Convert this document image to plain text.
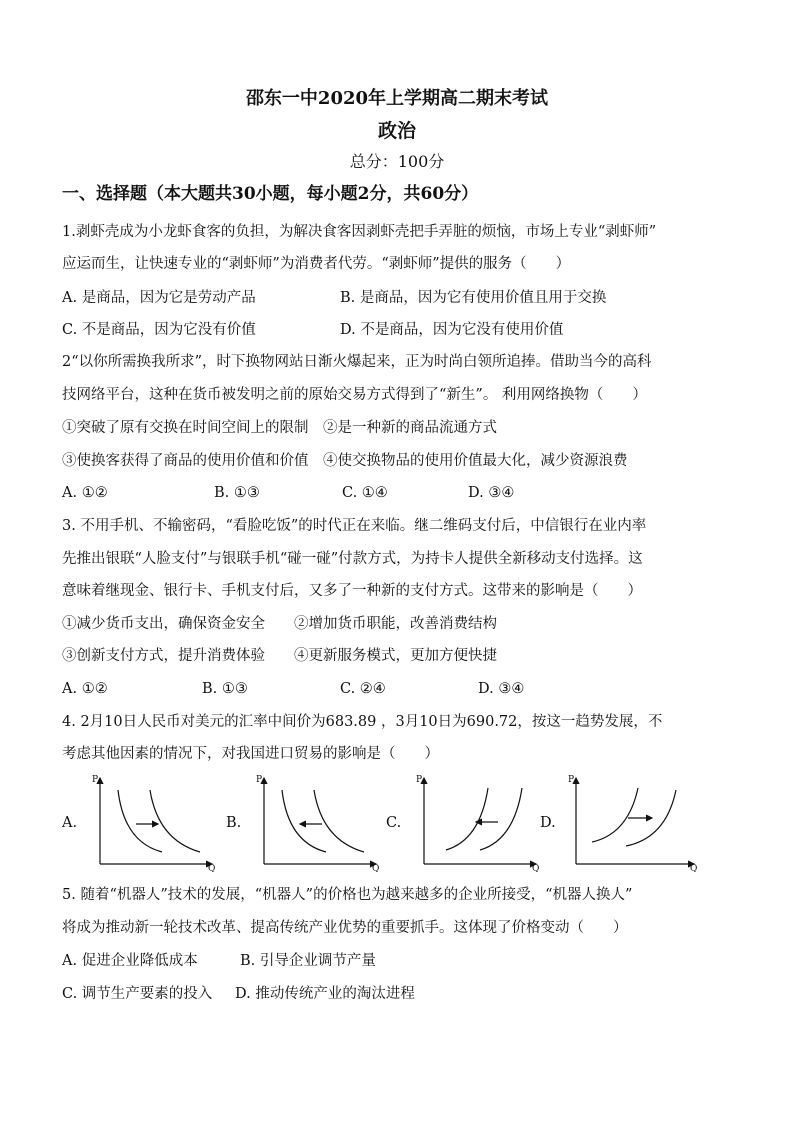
邵东一中2020年上学期高二期末考试
政治
总分：100分
一、选择题（本大题共30小题，每小题2分，共60分）
1.剥虾壳成为小龙虾食客的负担，为解决食客因剥虾壳把手弄脏的烦恼，市场上专业“剥虾师”
应运而生，让快速专业的“剥虾师”为消费者代劳。“剥虾师”提供的服务（　　）
A. 是商品，因为它是劳动产品	B. 是商品，因为它有使用价值且用于交换
C. 不是商品，因为它没有价值	D. 不是商品，因为它没有使用价值
2“以你所需换我所求”，时下换物网站日渐火爆起来，正为时尚白领所追捧。借助当今的高科
技网络平台，这种在货币被发明之前的原始交易方式得到了“新生”。 利用网络换物（　　）
①突破了原有交换在时间空间上的限制　②是一种新的商品流通方式
③使换客获得了商品的使用价值和价值　④使交换物品的使用价值最大化，减少资源浪费
A. ①②	B. ①③	C. ①④	D. ③④
3. 不用手机、不输密码，“看脸吃饭”的时代正在来临。继二维码支付后，中信银行在业内率
先推出银联“人脸支付”与银联手机“碰一碰”付款方式，为持卡人提供全新移动支付选择。这
意味着继现金、银行卡、手机支付后，又多了一种新的支付方式。这带来的影响是（　　）
①减少货币支出，确保资金安全　　②增加货币职能，改善消费结构
③创新支付方式，提升消费体验　　④更新服务模式，更加方便快捷
A. ①②	B. ①③	C. ②④	D. ③④
4. 2月10日人民币对美元的汇率中间价为683.89 ，3月10日为690.72，按这一趋势发展，不
考虑其他因素的情况下，对我国进口贸易的影响是（　　）
A.	B.	C.	D.
P
Q
P
Q
P
Q
P
Q
5. 随着“机器人”技术的发展，“机器人”的价格也为越来越多的企业所接受，“机器人换人”
将成为推动新一轮技术改革、提高传统产业优势的重要抓手。这体现了价格变动（　　）
A. 促进企业降低成本	B. 引导企业调节产量
C. 调节生产要素的投入 D. 推动传统产业的淘汰进程
